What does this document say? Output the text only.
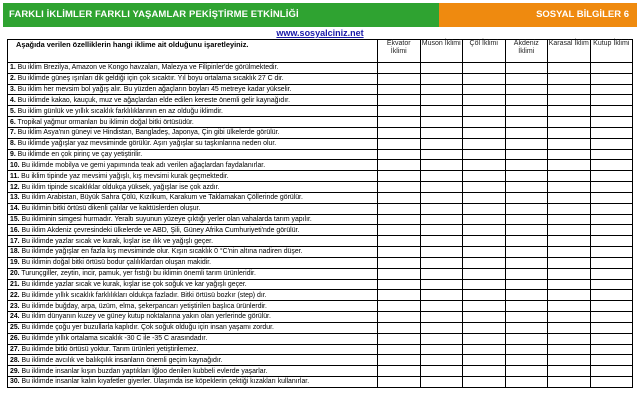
FARKLI İKLİMLER FARKLI YAŞAMLAR PEKİŞTİRME ETKİNLİĞİ	SOSYAL BİLGİLER 6
www.sosyalciniz.net
Aşağıda verilen özelliklerin hangi iklime ait olduğunu işaretleyiniz.	Ekvator İklimi	Muson İklimi	Çöl İklimi	Akdeniz İklimi	Karasal İklim	Kutup İklimi
1. Bu iklim Brezilya, Amazon ve Kongo havzaları, Malezya ve Filipinler'de görülmektedir.						
2. Bu iklimde güneş ışınları dik geldiği için çok sıcaktır. Yıl boyu ortalama sıcaklık 27 C dir.						
3. Bu iklim her mevsim bol yağış alır. Bu yüzden ağaçların boyları 45 metreye kadar yükselir.						
4. Bu iklimde kakao, kauçuk, muz ve ağaçlardan elde edilen kereste önemli gelir kaynağıdır.						
5. Bu iklim günlük ve yıllık sıcaklık farklılıklarının en az olduğu iklimdir.						
6. Tropikal yağmur ormanları bu iklimin doğal bitki örtüsüdür.						
7. Bu iklim Asya'nın güneyi ve Hindistan, Bangladeş, Japonya, Çin gibi ülkelerde görülür.						
8. Bu iklimde yağışlar yaz mevsiminde görülür. Aşırı yağışlar su taşkınlarına neden olur.						
9. Bu iklimde en çok pirinç ve çay yetiştirilir.						
10. Bu iklimde mobilya ve gemi yapımında teak adı verilen ağaçlardan faydalanırlar.						
11. Bu iklim tipinde yaz mevsimi yağışlı, kış mevsimi kurak geçmektedir.						
12. Bu iklim tipinde sıcaklıklar oldukça yüksek, yağışlar ise çok azdır.						
13. Bu iklim Arabistan, Büyük Sahra Çölü, Kızılkum, Karakum ve Taklamakan Çöllerinde görülür.						
14. Bu iklimin bitki örtüsü dikenli çalılar ve kaktüslerden oluşur.						
15. Bu ikliminin simgesi hurmadır. Yeraltı suyunun yüzeye çıktığı yerler olan vahalarda tarım yapılır.						
16. Bu iklim Akdeniz çevresindeki ülkelerde ve ABD, Şili, Güney Afrika Cumhuriyeti'nde görülür.						
17. Bu iklimde yazlar sıcak ve kurak, kışlar ise ılık ve yağışlı geçer.						
18. Bu iklimde yağışlar en fazla kış mevsiminde olur. Kışın sıcaklık 0 °C'nin altına nadiren düşer.						
19. Bu iklimin doğal bitki örtüsü bodur çalılıklardan oluşan makidir.						
20. Turunçgiller, zeytin, incir, pamuk, yer fıstığı bu iklimin önemli tarım ürünleridir.						
21. Bu iklimde yazlar sıcak ve kurak, kışlar ise çok soğuk ve kar yağışlı geçer.						
22. Bu iklimde yıllık sıcaklık farklılıkları oldukça fazladır. Bitki örtüsü bozkır (step) dır.						
23. Bu iklimde buğday, arpa, üzüm, elma, şekerpancarı yetiştirilen başlıca ürünlerdir.						
24. Bu iklim dünyanın kuzey ve güney kutup noktalarına yakın olan yerlerinde görülür.						
25. Bu iklimde çoğu yer buzullarla kaplıdır. Çok soğuk olduğu için insan yaşamı zordur.						
26. Bu iklimde yıllık ortalama sıcaklık -30 C ile -35 C arasındadır.						
27. Bu iklimde bitki örtüsü yoktur. Tarım ürünleri yetiştirilemez.						
28. Bu iklimde avcılık ve balıkçılık insanların önemli geçim kaynağıdır.						
29. Bu iklimde insanlar kışın buzdan yaptıkları İğloo denilen kubbeli evlerde yaşarlar.						
30. Bu iklimde insanlar kalın kıyafetler giyerler. Ulaşımda ise köpeklerin çektiği kızakları kullanırlar.						
